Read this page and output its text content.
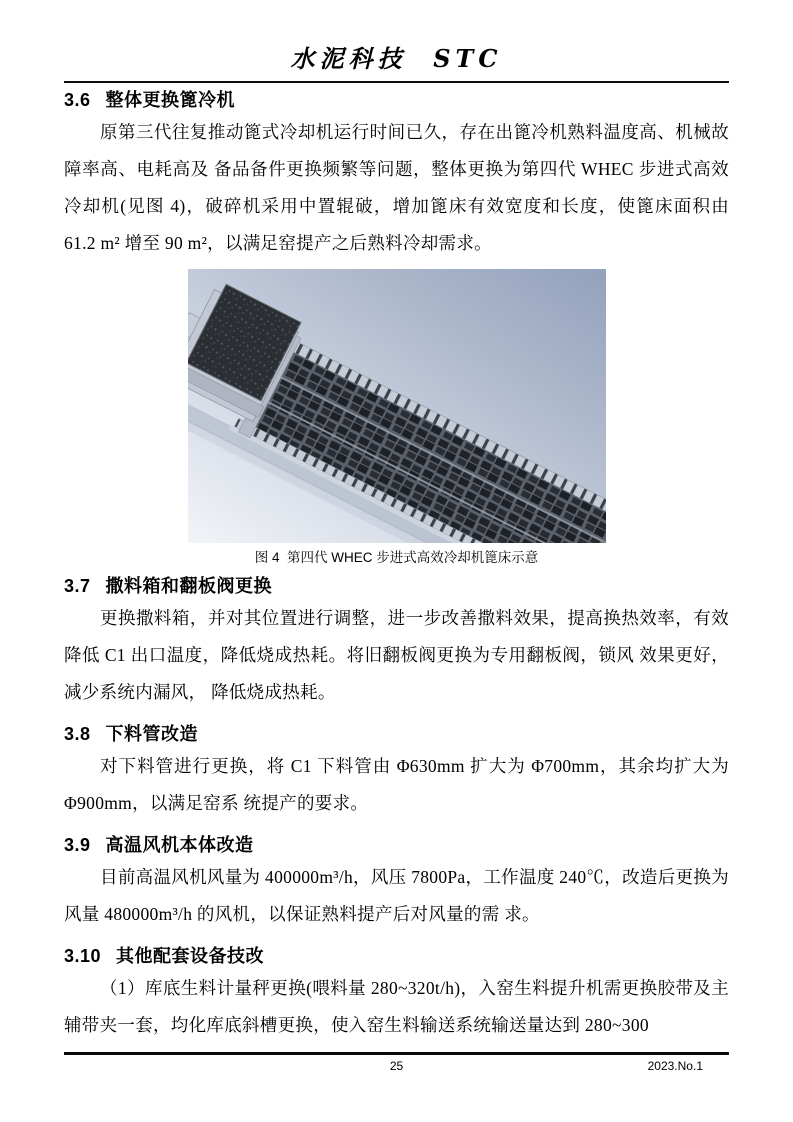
水泥科技  STC
3.6 整体更换篦冷机

原第三代往复推动篦式冷却机运行时间已久，存在出篦冷机熟料温度高、机械故障率高、电耗高及 备品备件更换频繁等问题，整体更换为第四代 WHEC 步进式高效冷却机(见图 4)，破碎机采用中置辊破，增加篦床有效宽度和长度，使篦床面积由 61.2 m² 增至 90 m²，以满足窑提产之后熟料冷却需求。

图 4  第四代 WHEC 步进式高效冷却机篦床示意
3.7 撒料箱和翻板阀更换

更换撒料箱，并对其位置进行调整，进一步改善撒料效果，提高换热效率，有效降低 C1 出口温度，降低烧成热耗。将旧翻板阀更换为专用翻板阀，锁风 效果更好，减少系统内漏风， 降低烧成热耗。

3.8 下料管改造

对下料管进行更换，将 C1 下料管由 Φ630mm 扩大为 Φ700mm，其余均扩大为 Φ900mm，以满足窑系 统提产的要求。

3.9 高温风机本体改造

目前高温风机风量为 400000m³/h，风压 7800Pa，工作温度 240℃，改造后更换为风量 480000m³/h 的风机，以保证熟料提产后对风量的需 求。

3.10 其他配套设备技改

（1）库底生料计量秤更换(喂料量 280~320t/h)，入窑生料提升机需更换胶带及主辅带夹一套，均化库底斜槽更换，使入窑生料输送系统输送量达到 280~300

25	2023.No.1
